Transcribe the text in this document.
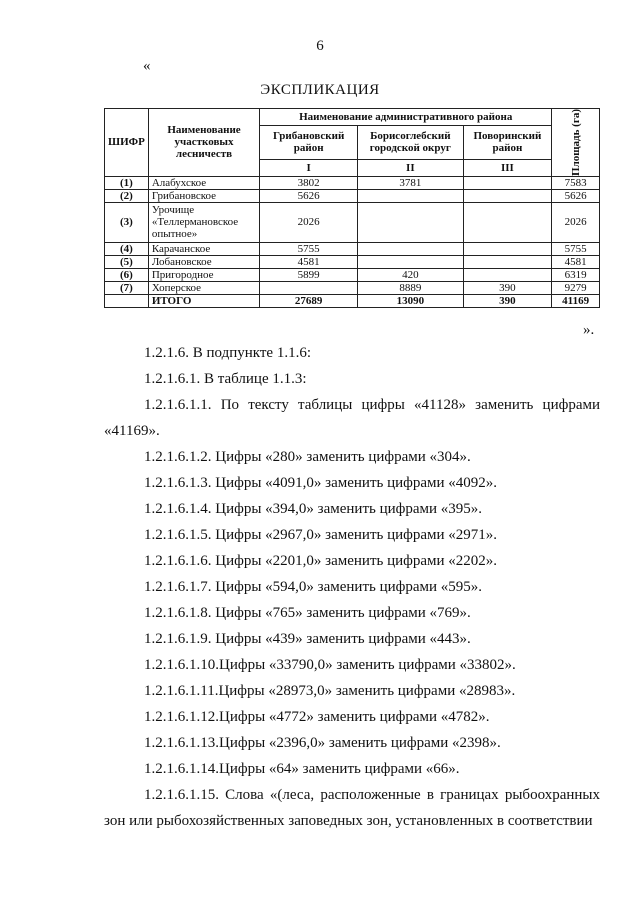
6
«
ЭКСПЛИКАЦИЯ
ШИФР	Наименование участковых лесничеств	Наименование административного района			Площадь (га)

		Грибановский район	Борисоглебский городской округ	Поворинский район	
		I	II	III	
(1)	Алабухское	3802	3781		7583
(2)	Грибановское	5626			5626
(3)	Урочище «Теллермановское опытное»	2026			2026
(4)	Карачанское	5755			5755
(5)	Лобановское	4581			4581
(6)	Пригородное	5899	420		6319
(7)	Хоперское		8889	390	9279
	ИТОГО	27689	13090	390	41169
».

1.2.1.6. В подпункте 1.1.6:

1.2.1.6.1. В таблице 1.1.3:

1.2.1.6.1.1. По тексту таблицы цифры «41128» заменить цифрами «41169».

1.2.1.6.1.2. Цифры «280» заменить цифрами «304».

1.2.1.6.1.3. Цифры «4091,0» заменить цифрами «4092».

1.2.1.6.1.4. Цифры «394,0» заменить цифрами «395».

1.2.1.6.1.5. Цифры «2967,0» заменить цифрами «2971».

1.2.1.6.1.6. Цифры «2201,0» заменить цифрами «2202».

1.2.1.6.1.7. Цифры «594,0» заменить цифрами «595».

1.2.1.6.1.8. Цифры «765» заменить цифрами «769».

1.2.1.6.1.9. Цифры «439» заменить цифрами «443».

1.2.1.6.1.10.Цифры «33790,0» заменить цифрами «33802».

1.2.1.6.1.11.Цифры «28973,0» заменить цифрами «28983».

1.2.1.6.1.12.Цифры «4772» заменить цифрами «4782».

1.2.1.6.1.13.Цифры «2396,0» заменить цифрами «2398».

1.2.1.6.1.14.Цифры «64» заменить цифрами «66».

1.2.1.6.1.15. Слова «(леса, расположенные в границах рыбоохранных зон или рыбохозяйственных заповедных зон, установленных в соответствии
